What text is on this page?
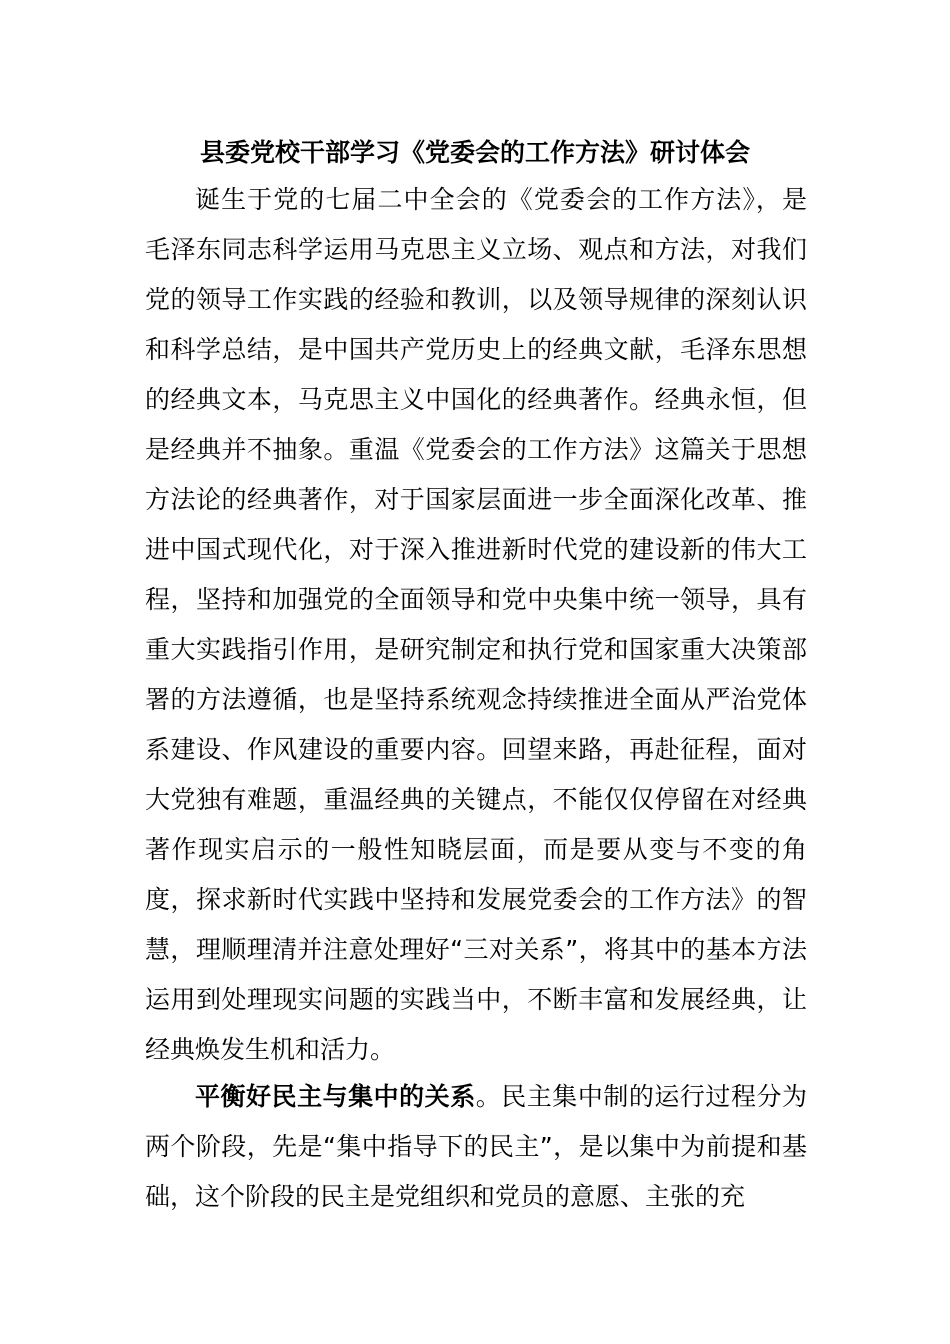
县委党校干部学习《党委会的工作方法》研讨体会

诞生于党的七届二中全会的《党委会的工作方法》，是毛泽东同志科学运用马克思主义立场、观点和方法，对我们党的领导工作实践的经验和教训，以及领导规律的深刻认识和科学总结，是中国共产党历史上的经典文献，毛泽东思想的经典文本，马克思主义中国化的经典著作。经典永恒，但是经典并不抽象。重温《党委会的工作方法》这篇关于思想方法论的经典著作，对于国家层面进一步全面深化改革、推进中国式现代化，对于深入推进新时代党的建设新的伟大工程，坚持和加强党的全面领导和党中央集中统一领导，具有重大实践指引作用，是研究制定和执行党和国家重大决策部署的方法遵循，也是坚持系统观念持续推进全面从严治党体系建设、作风建设的重要内容。回望来路，再赴征程，面对大党独有难题，重温经典的关键点，不能仅仅停留在对经典著作现实启示的一般性知晓层面，而是要从变与不变的角度，探求新时代实践中坚持和发展党委会的工作方法》的智慧，理顺理清并注意处理好“三对关系”，将其中的基本方法运用到处理现实问题的实践当中，不断丰富和发展经典，让经典焕发生机和活力。

平衡好民主与集中的关系。民主集中制的运行过程分为两个阶段，先是“集中指导下的民主”，是以集中为前提和基础，这个阶段的民主是党组织和党员的意愿、主张的充
